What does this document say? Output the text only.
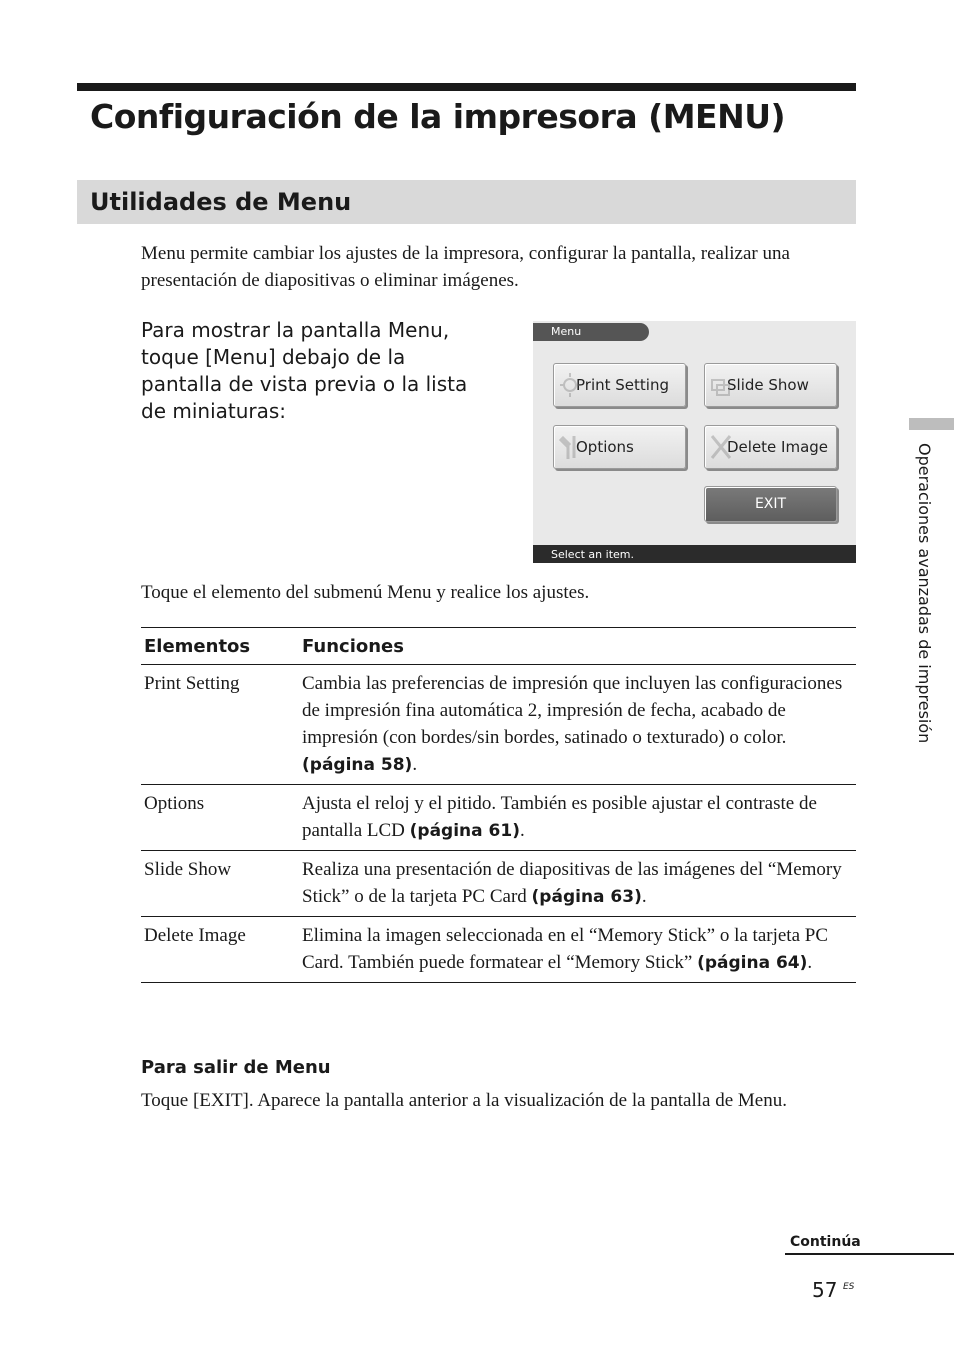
Configuración de la impresora (MENU)
Utilidades de Menu

Menu permite cambiar los ajustes de la impresora, configurar la pantalla, realizar una presentación de diapositivas o eliminar imágenes.

Para mostrar la pantalla Menu, toque [Menu] debajo de la pantalla de vista previa o la lista de miniaturas:

Menu
Print Setting	Slide Show
Options	Delete Image
EXIT
Select an item.

Toque el elemento del submenú Menu y realice los ajustes.

Elementos	Funciones
Print Setting	Cambia las preferencias de impresión que incluyen las configuraciones de impresión fina automática 2, impresión de fecha, acabado de impresión (con bordes/sin bordes, satinado o texturado) o color. (página 58).
Options	Ajusta el reloj y el pitido. También es posible ajustar el contraste de pantalla LCD (página 61).
Slide Show	Realiza una presentación de diapositivas de las imágenes del “Memory Stick” o de la tarjeta PC Card (página 63).
Delete Image	Elimina la imagen seleccionada en el “Memory Stick” o la tarjeta PC Card. También puede formatear el “Memory Stick” (página 64).
Para salir de Menu

Toque [EXIT]. Aparece la pantalla anterior a la visualización de la pantalla de Menu.

Operaciones avanzadas de impresión
Continúa
57 ES
